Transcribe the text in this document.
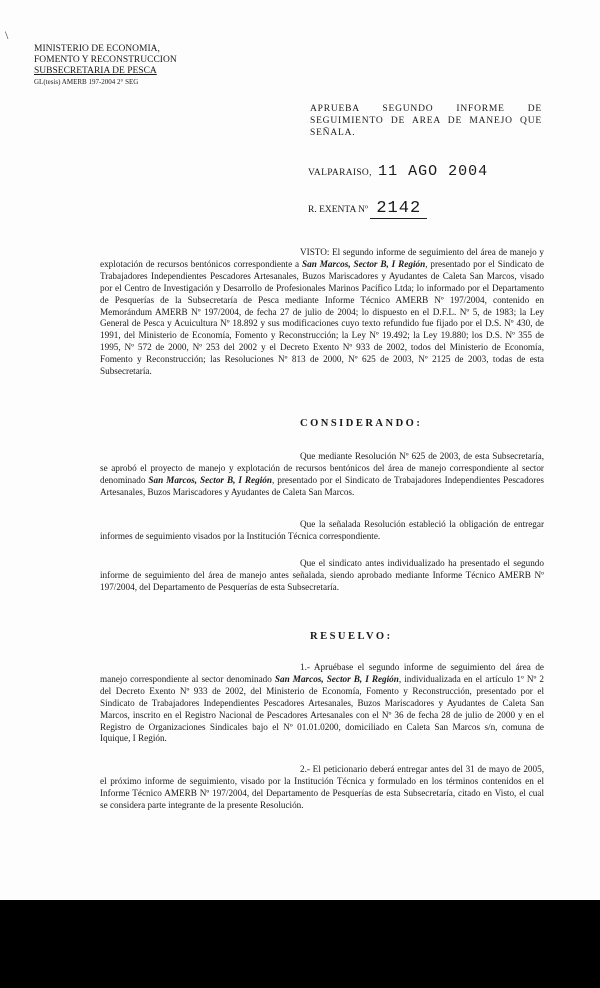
\
MINISTERIO DE ECONOMIA,
FOMENTO Y RECONSTRUCCION
SUBSECRETARIA DE PESCA
GL(tesis) AMERB 197-2004 2° SEG
APRUEBA SEGUNDO INFORME DE SEGUIMIENTO DE AREA DE MANEJO QUE SEÑALA.
VALPARAISO, 11 AGO 2004
R. EXENTA Nº 2142

VISTO: El segundo informe de seguimiento del área de manejo y explotación de recursos bentónicos correspondiente a San Marcos, Sector B, I Región, presentado por el Sindicato de Trabajadores Independientes Pescadores Artesanales, Buzos Mariscadores y Ayudantes de Caleta San Marcos, visado por el Centro de Investigación y Desarrollo de Profesionales Marinos Pacífico Ltda; lo informado por el Departamento de Pesquerías de la Subsecretaría de Pesca mediante Informe Técnico AMERB Nº 197/2004, contenido en Memorándum AMERB Nº 197/2004, de fecha 27 de julio de 2004; lo dispuesto en el D.F.L. Nº 5, de 1983; la Ley General de Pesca y Acuicultura Nº 18.892 y sus modificaciones cuyo texto refundido fue fijado por el D.S. Nº 430, de 1991, del Ministerio de Economía, Fomento y Reconstrucción; la Ley Nº 19.492; la Ley 19.880; los D.S. Nº 355 de 1995, Nº 572 de 2000, Nº 253 del 2002 y el Decreto Exento Nº 933 de 2002, todos del Ministerio de Economía, Fomento y Reconstrucción; las Resoluciones Nº 813 de 2000, Nº 625 de 2003, Nº 2125 de 2003, todas de esta Subsecretaría.

CONSIDERANDO:

Que mediante Resolución Nº 625 de 2003, de esta Subsecretaría, se aprobó el proyecto de manejo y explotación de recursos bentónicos del área de manejo correspondiente al sector denominado San Marcos, Sector B, I Región, presentado por el Sindicato de Trabajadores Independientes Pescadores Artesanales, Buzos Mariscadores y Ayudantes de Caleta San Marcos.

Que la señalada Resolución estableció la obligación de entregar informes de seguimiento visados por la Institución Técnica correspondiente.

Que el sindicato antes individualizado ha presentado el segundo informe de seguimiento del área de manejo antes señalada, siendo aprobado mediante Informe Técnico AMERB Nº 197/2004, del Departamento de Pesquerías de esta Subsecretaría.

RESUELVO:

1.- Apruébase el segundo informe de seguimiento del área de manejo correspondiente al sector denominado San Marcos, Sector B, I Región, individualizada en el artículo 1º Nº 2 del Decreto Exento Nº 933 de 2002, del Ministerio de Economía, Fomento y Reconstrucción, presentado por el Sindicato de Trabajadores Independientes Pescadores Artesanales, Buzos Mariscadores y Ayudantes de Caleta San Marcos, inscrito en el Registro Nacional de Pescadores Artesanales con el Nº 36 de fecha 28 de julio de 2000 y en el Registro de Organizaciones Sindicales bajo el Nº 01.01.0200, domiciliado en Caleta San Marcos s/n, comuna de Iquique, I Región.

2.- El peticionario deberá entregar antes del 31 de mayo de 2005, el próximo informe de seguimiento, visado por la Institución Técnica y formulado en los términos contenidos en el Informe Técnico AMERB Nº 197/2004, del Departamento de Pesquerías de esta Subsecretaría, citado en Visto, el cual se considera parte integrante de la presente Resolución.
